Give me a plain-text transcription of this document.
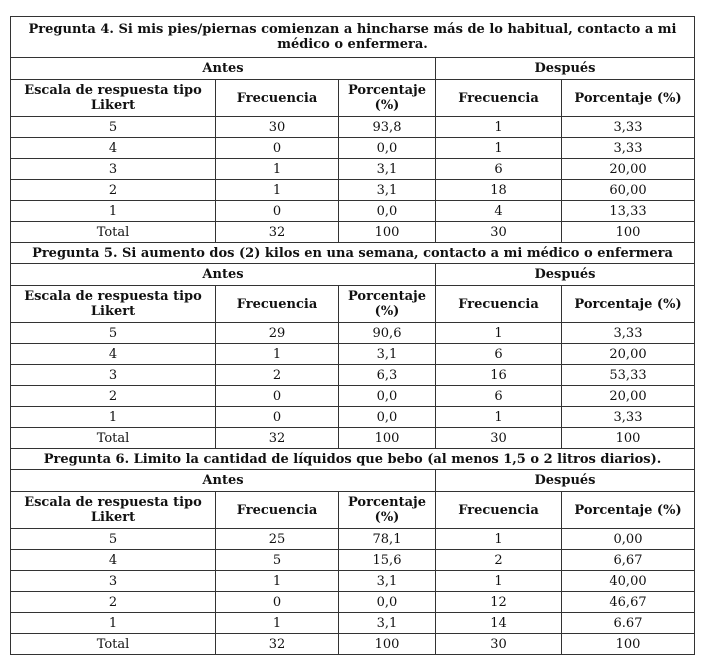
Pregunta 4. Si mis pies/piernas comienzan a hincharse más de lo habitual, contacto a mi médico o enfermera.				
Antes			Después	
Escala de respuesta tipo Likert	Frecuencia	Porcentaje (%)	Frecuencia	Porcentaje (%)
5	30	93,8	1	3,33
4	0	0,0	1	3,33
3	1	3,1	6	20,00
2	1	3,1	18	60,00
1	0	0,0	4	13,33
Total	32	100	30	100
Pregunta 5. Si aumento dos (2) kilos en una semana, contacto a mi médico o enfermera				
Antes			Después	
Escala de respuesta tipo Likert	Frecuencia	Porcentaje (%)	Frecuencia	Porcentaje (%)
5	29	90,6	1	3,33
4	1	3,1	6	20,00
3	2	6,3	16	53,33
2	0	0,0	6	20,00
1	0	0,0	1	3,33
Total	32	100	30	100
Pregunta 6. Limito la cantidad de líquidos que bebo (al menos 1,5 o 2 litros diarios).				
Antes			Después	
Escala de respuesta tipo Likert	Frecuencia	Porcentaje (%)	Frecuencia	Porcentaje (%)
5	25	78,1	1	0,00
4	5	15,6	2	6,67
3	1	3,1	1	40,00
2	0	0,0	12	46,67
1	1	3,1	14	6.67
Total	32	100	30	100
